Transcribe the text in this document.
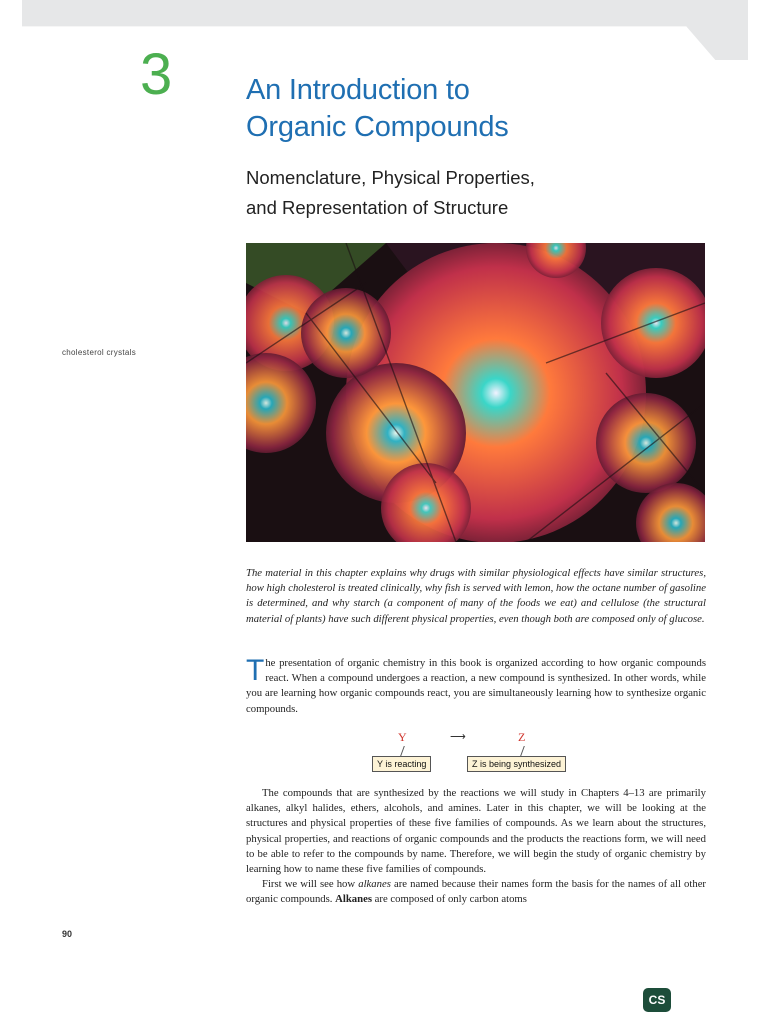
3	An Introduction to
Organic Compounds
Nomenclature, Physical Properties,
and Representation of Structure
cholesterol crystals

The material in this chapter explains why drugs with similar physiological effects have similar structures, how high cholesterol is treated clinically, why fish is served with lemon, how the octane number of gasoline is determined, and why starch (a component of many of the foods we eat) and cellulose (the structural material of plants) have such different physical properties, even though both are composed only of glucose.

The presentation of organic chemistry in this book is organized according to how organic compounds react. When a compound undergoes a reaction, a new compound is synthesized. In other words, while you are learning how organic compounds react, you are simultaneously learning how to synthesize organic compounds.

Y	⟶	Z
Y is reacting	Z is being synthesized

The compounds that are synthesized by the reactions we will study in Chapters 4–13 are primarily alkanes, alkyl halides, ethers, alcohols, and amines. Later in this chapter, we will be looking at the structures and physical properties of these five families of compounds. As we learn about the structures, physical properties, and reactions of organic compounds and the products the reactions form, we will need to be able to refer to the compounds by name. Therefore, we will begin the study of organic chemistry by learning how to name these five families of compounds.

First we will see how alkanes are named because their names form the basis for the names of all other organic compounds. Alkanes are composed of only carbon atoms

90
CS
